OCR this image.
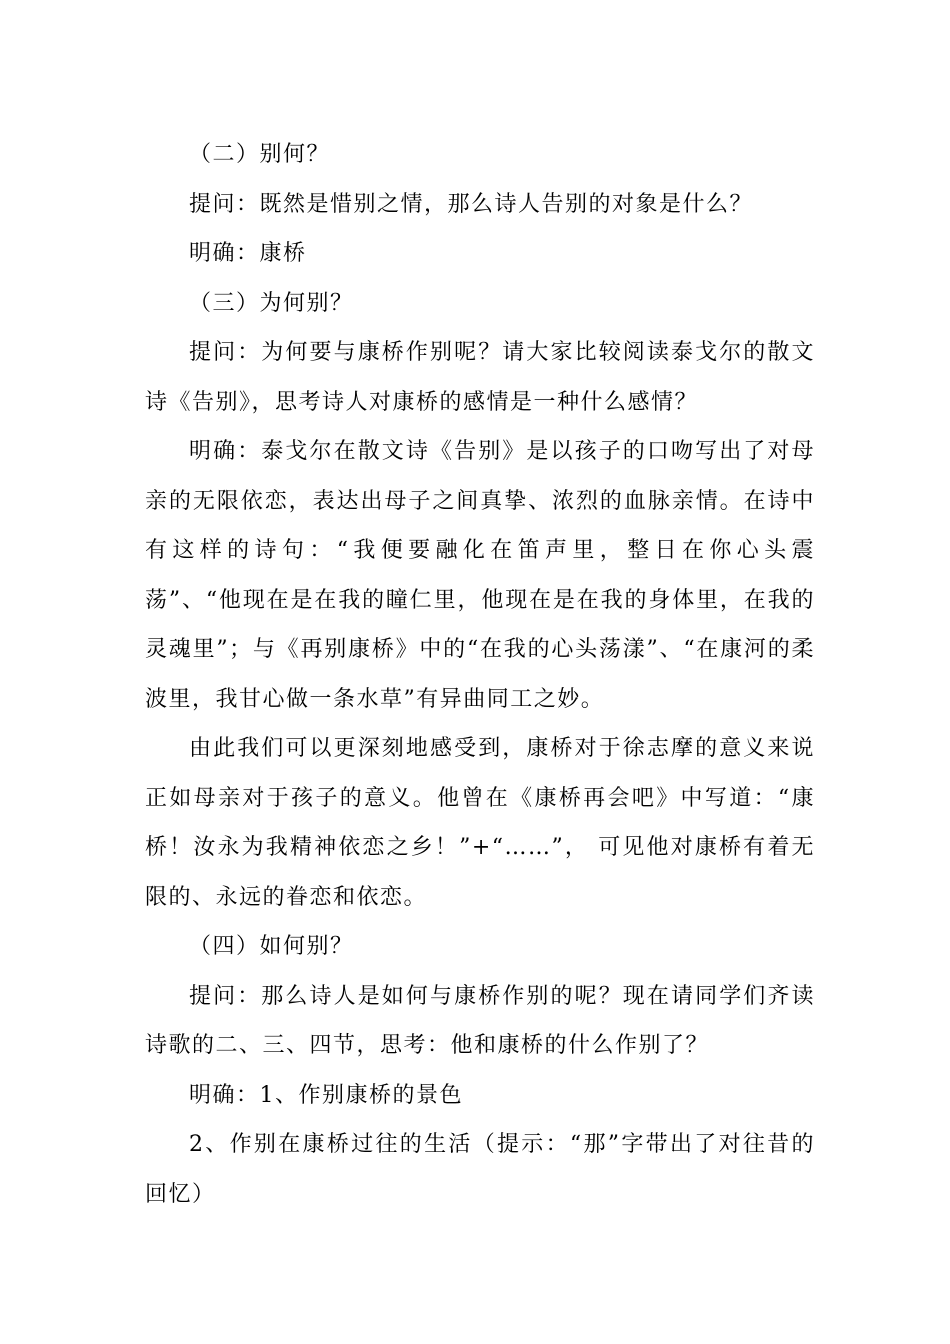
（二）别何？

提问：既然是惜别之情，那么诗人告别的对象是什么？

明确：康桥

（三）为何别？

提问：为何要与康桥作别呢？请大家比较阅读泰戈尔的散文诗《告别》，思考诗人对康桥的感情是一种什么感情？

明确：泰戈尔在散文诗《告别》是以孩子的口吻写出了对母亲的无限依恋，表达出母子之间真挚、浓烈的血脉亲情。在诗中有这样的诗句：“我便要融化在笛声里，整日在你心头震荡”、“他现在是在我的瞳仁里，他现在是在我的身体里，在我的灵魂里”；与《再别康桥》中的“在我的心头荡漾”、“在康河的柔波里，我甘心做一条水草”有异曲同工之妙。

由此我们可以更深刻地感受到，康桥对于徐志摩的意义来说正如母亲对于孩子的意义。他曾在《康桥再会吧》中写道：“康桥！汝永为我精神依恋之乡！”+“……”， 可见他对康桥有着无限的、永远的眷恋和依恋。

（四）如何别？

提问：那么诗人是如何与康桥作别的呢？现在请同学们齐读诗歌的二、三、四节，思考：他和康桥的什么作别了？

明确：1、作别康桥的景色

2、作别在康桥过往的生活（提示：“那”字带出了对往昔的回忆）
